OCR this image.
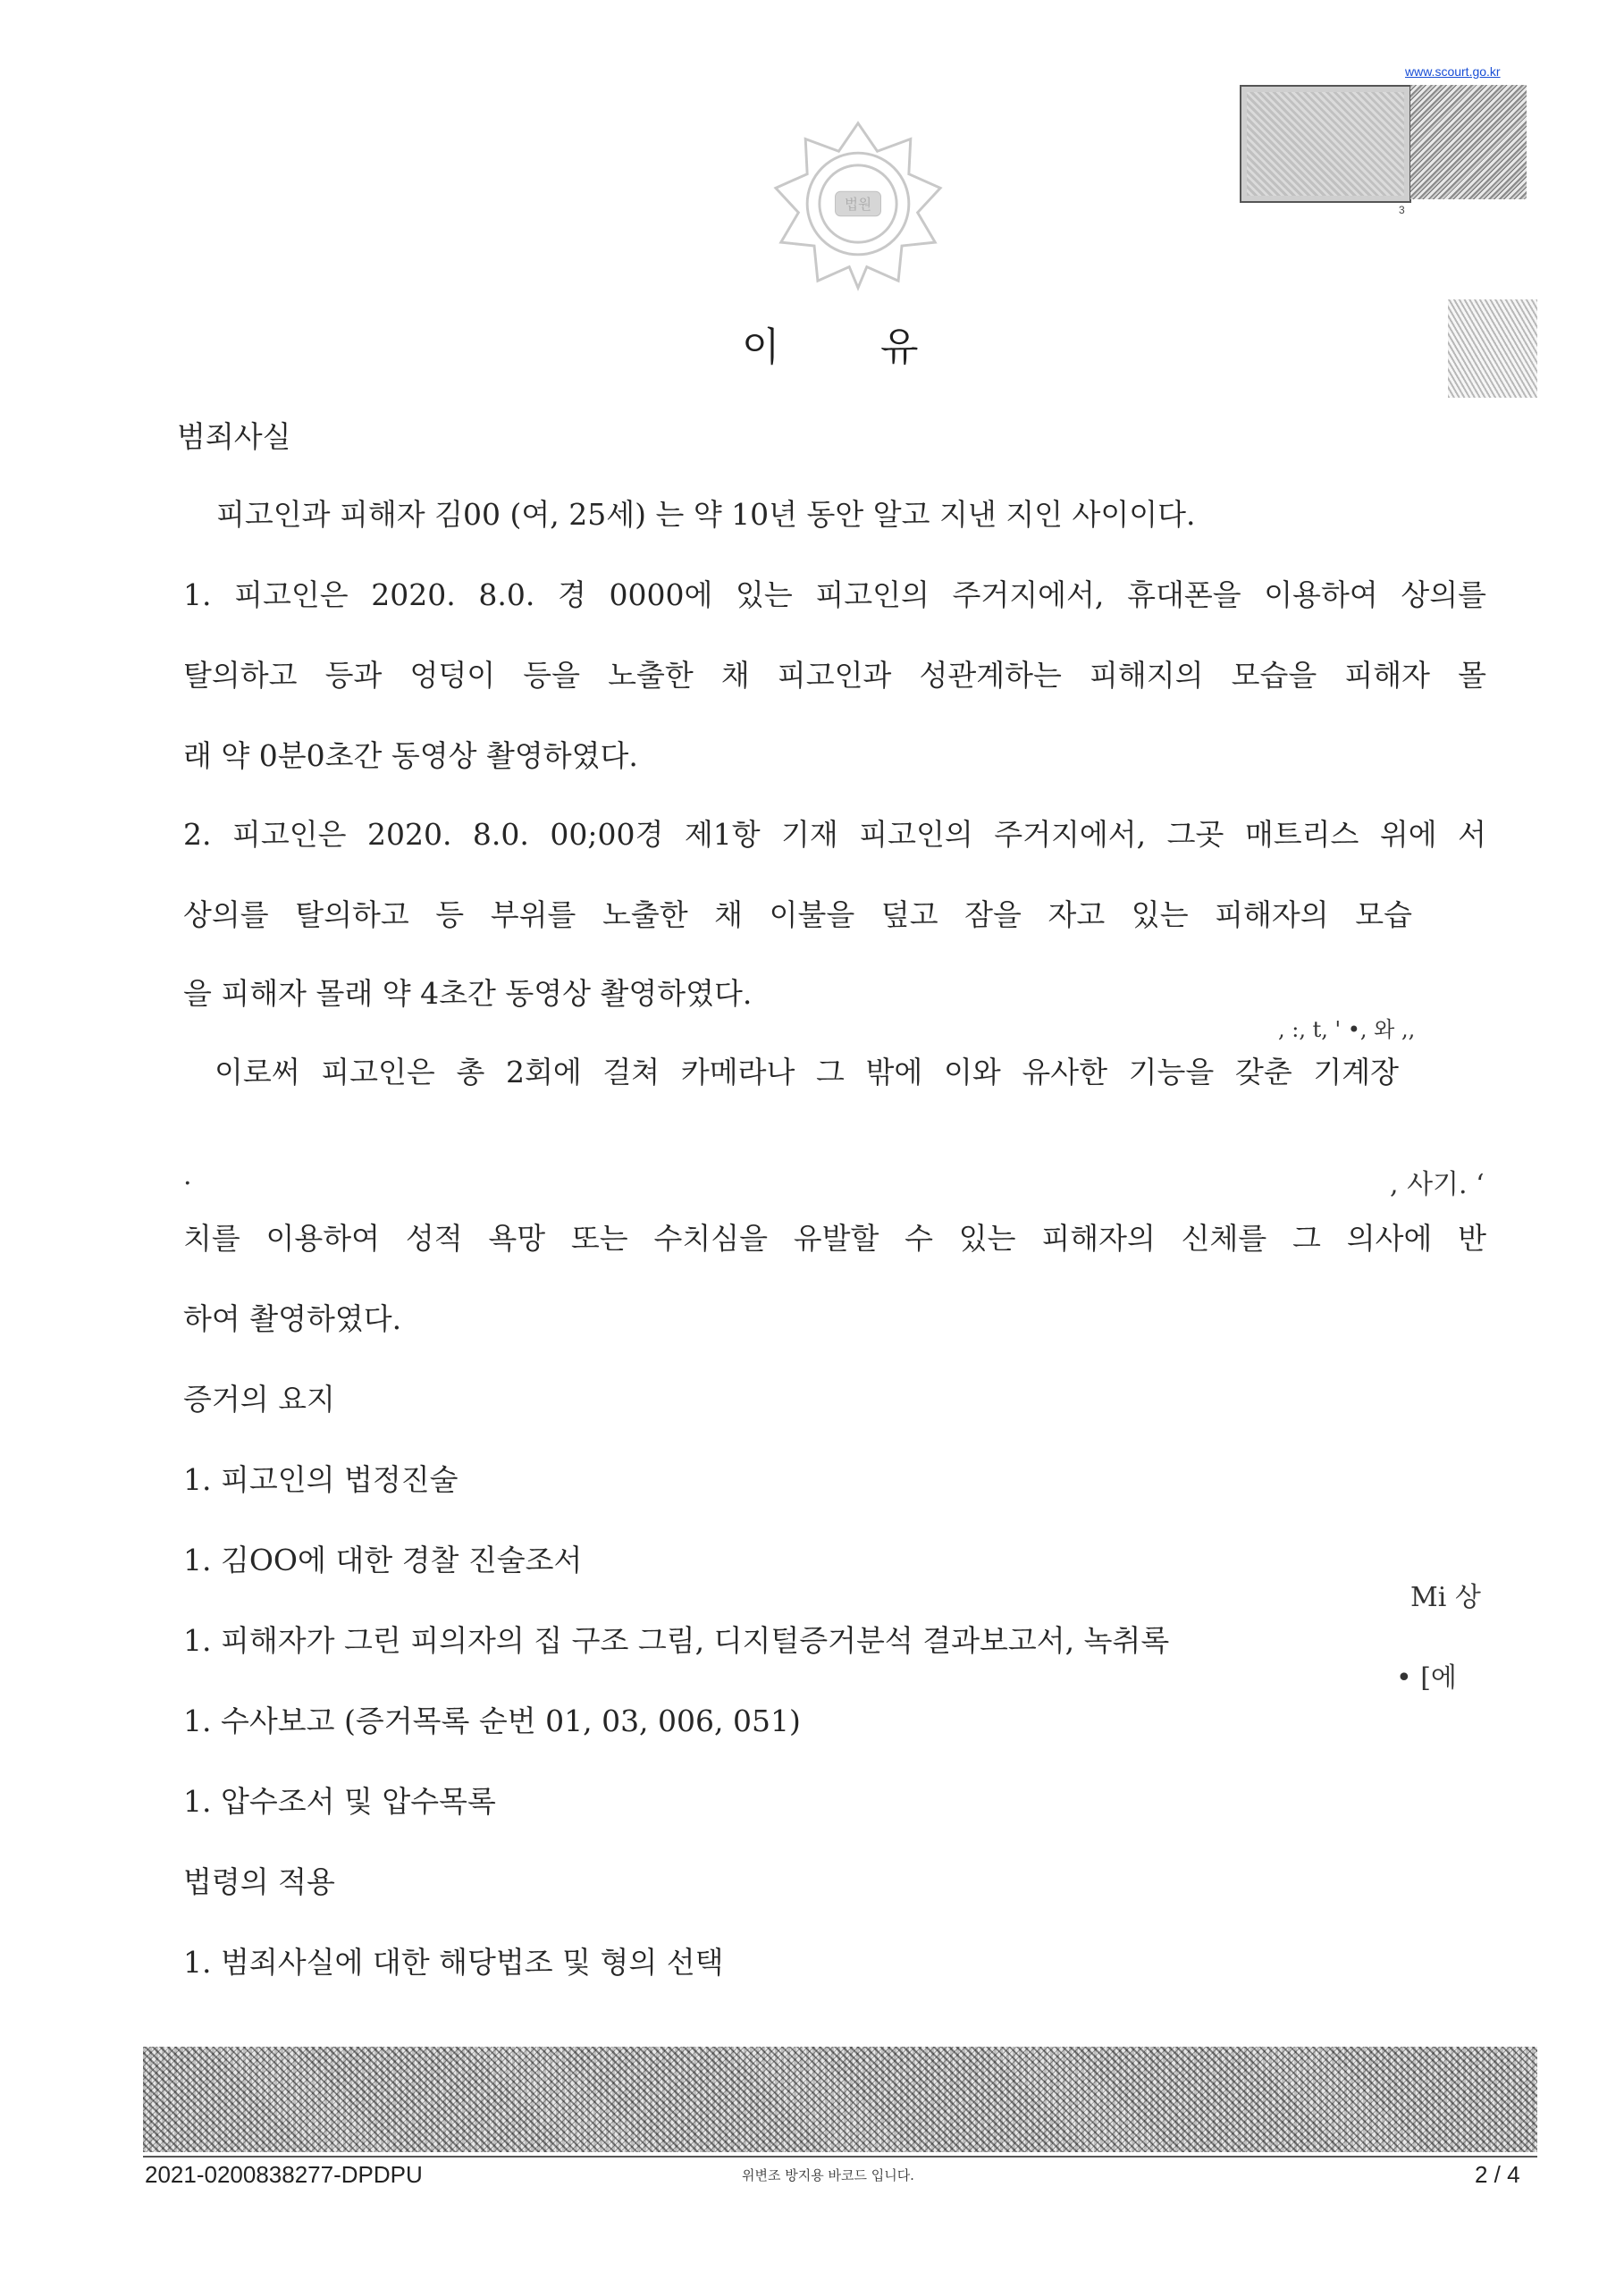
법원
www.scourt.go.kr
3
이	유
범죄사실
피고인과 피해자 김00 (여, 25세) 는 약 10년 동안 알고 지낸 지인 사이이다.
1. 피고인은 2020. 8.0. 경 0000에 있는 피고인의 주거지에서, 휴대폰을 이용하여 상의를
탈의하고 등과 엉덩이 등을 노출한 채 피고인과 성관계하는 피해지의 모습을 피해자 몰
래 약 0분0초간 동영상 촬영하였다.
2. 피고인은 2020. 8.0. 00;00경 제1항 기재 피고인의 주거지에서, 그곳 매트리스 위에 서
상의를 탈의하고 등 부위를 노출한 채 이불을 덮고 잠을 자고 있는 피해자의 모습
을 피해자 몰래 약 4초간 동영상 촬영하였다.
, :, t, ' •, 와 ,,
이로써 피고인은 총 2회에 걸쳐 카메라나 그 밖에 이와 유사한 기능을 갖춘 기계장
.	, 사기. ‘
치를 이용하여 성적 욕망 또는 수치심을 유발할 수 있는 피해자의 신체를 그 의사에 반
하여 촬영하였다.
증거의 요지
1. 피고인의 법정진술
1. 김OO에 대한 경찰 진술조서
Mi 상
1. 피해자가 그린 피의자의 집 구조 그림, 디지털증거분석 결과보고서, 녹취록
• [에
1. 수사보고 (증거목록 순번 01, 03, 006, 051)
1. 압수조서 및 압수목록
법령의 적용
1. 범죄사실에 대한 해당법조 및 형의 선택
2021-0200838277-DPDPU	위변조 방지용 바코드 입니다.	2 / 4
